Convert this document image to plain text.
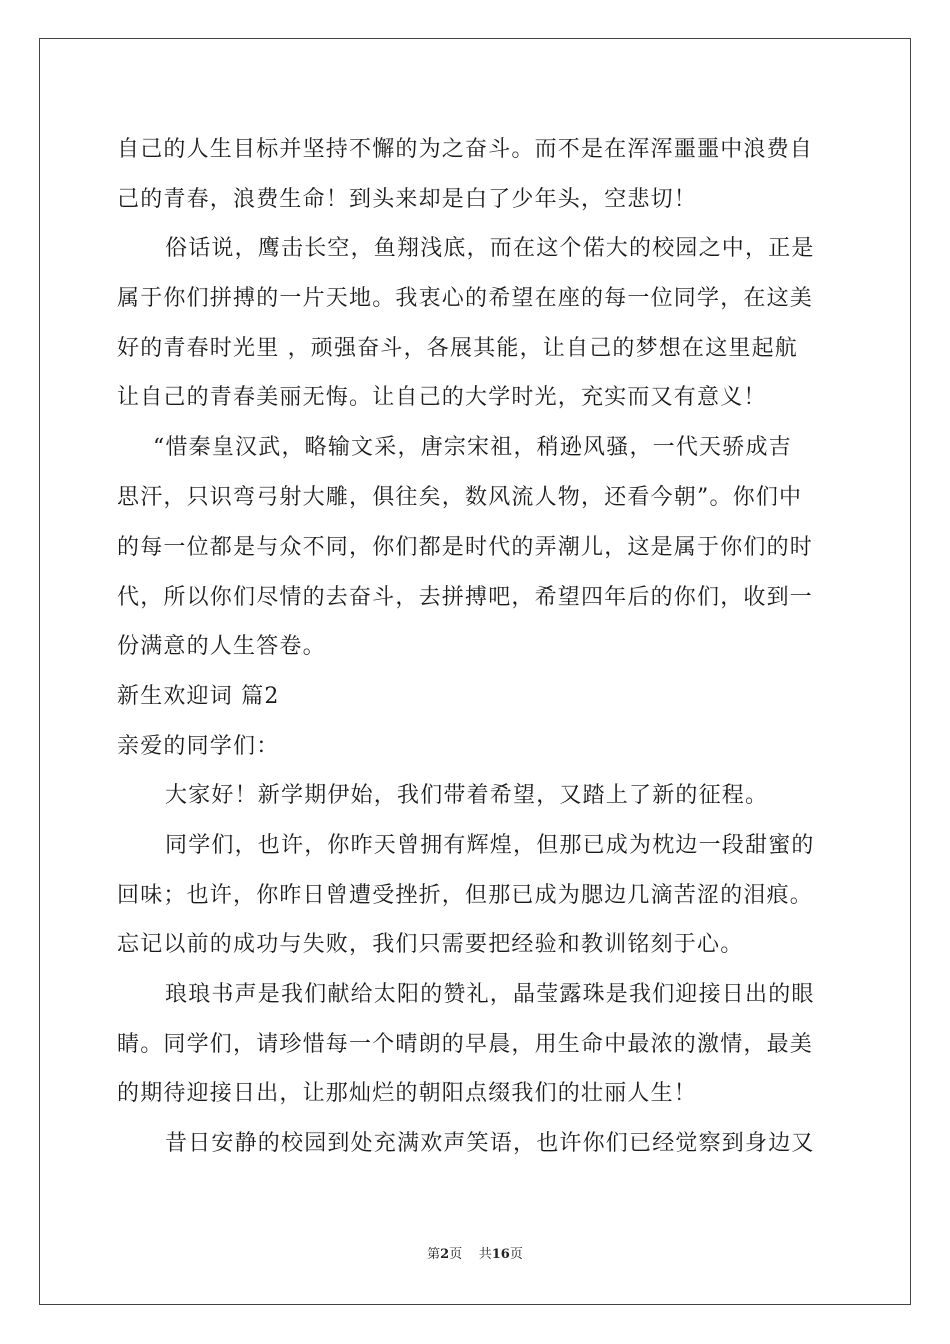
自己的人生目标并坚持不懈的为之奋斗。而不是在浑浑噩噩中浪费自
己的青春，浪费生命！到头来却是白了少年头，空悲切！
俗话说，鹰击长空，鱼翔浅底，而在这个偌大的校园之中，正是
属于你们拼搏的一片天地。我衷心的希望在座的每一位同学，在这美
好的青春时光里 ，顽强奋斗，各展其能，让自己的梦想在这里起航
让自己的青春美丽无悔。让自己的大学时光，充实而又有意义！
“惜秦皇汉武，略输文采，唐宗宋祖，稍逊风骚，一代天骄成吉
思汗，只识弯弓射大雕，俱往矣，数风流人物，还看今朝”。你们中
的每一位都是与众不同，你们都是时代的弄潮儿，这是属于你们的时
代，所以你们尽情的去奋斗，去拼搏吧，希望四年后的你们，收到一
份满意的人生答卷。
新生欢迎词 篇2
亲爱的同学们：
大家好！新学期伊始，我们带着希望，又踏上了新的征程。
同学们，也许，你昨天曾拥有辉煌，但那已成为枕边一段甜蜜的
回味；也许，你昨日曾遭受挫折，但那已成为腮边几滴苦涩的泪痕。
忘记以前的成功与失败，我们只需要把经验和教训铭刻于心。
琅琅书声是我们献给太阳的赞礼，晶莹露珠是我们迎接日出的眼
睛。同学们，请珍惜每一个晴朗的早晨，用生命中最浓的激情，最美
的期待迎接日出，让那灿烂的朝阳点缀我们的壮丽人生！
昔日安静的校园到处充满欢声笑语，也许你们已经觉察到身边又
第2页 共16页
